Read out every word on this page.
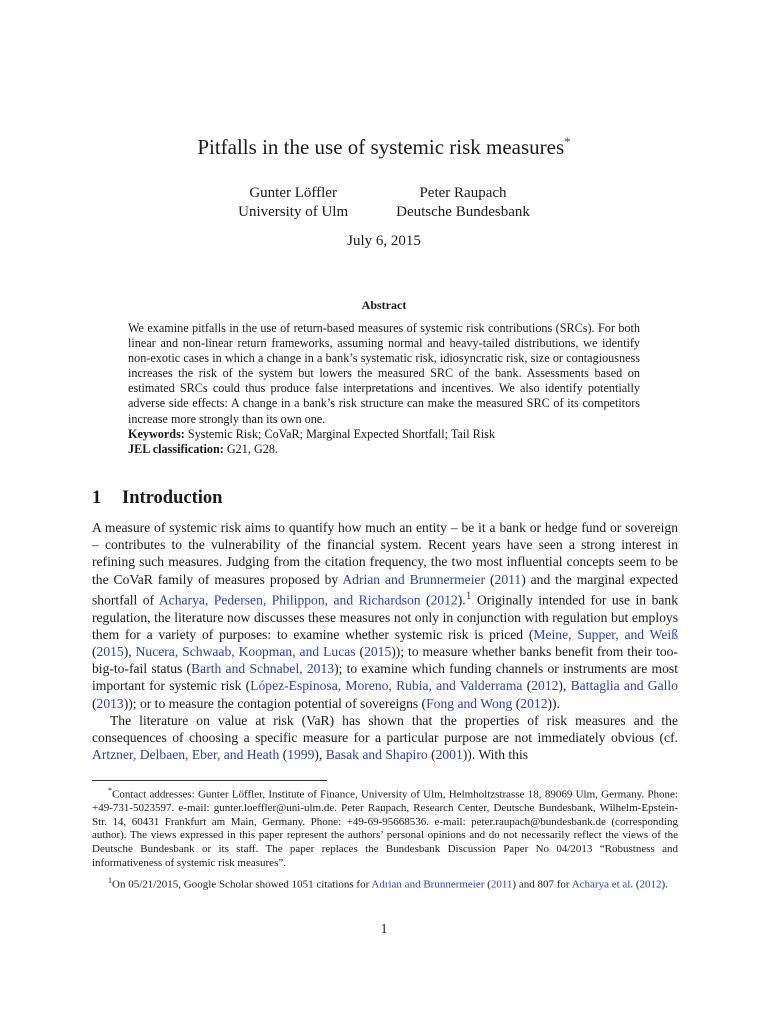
Pitfalls in the use of systemic risk measures*
Gunter Löffler
University of Ulm
Peter Raupach
Deutsche Bundesbank
July 6, 2015
Abstract

We examine pitfalls in the use of return-based measures of systemic risk contributions (SRCs). For both linear and non-linear return frameworks, assuming normal and heavy-tailed distributions, we identify non-exotic cases in which a change in a bank’s systematic risk, idiosyncratic risk, size or contagiousness increases the risk of the system but lowers the measured SRC of the bank. Assessments based on estimated SRCs could thus produce false interpretations and incentives. We also identify potentially adverse side effects: A change in a bank’s risk structure can make the measured SRC of its competitors increase more strongly than its own one.

Keywords: Systemic Risk; CoVaR; Marginal Expected Shortfall; Tail Risk

JEL classification: G21, G28.

1 Introduction

A measure of systemic risk aims to quantify how much an entity – be it a bank or hedge fund or sovereign – contributes to the vulnerability of the financial system. Recent years have seen a strong interest in refining such measures. Judging from the citation frequency, the two most influential concepts seem to be the CoVaR family of measures proposed by Adrian and Brunnermeier (2011) and the marginal expected shortfall of Acharya, Pedersen, Philippon, and Richardson (2012).$^1$ Originally intended for use in bank regulation, the literature now discusses these measures not only in conjunction with regulation but employs them for a variety of purposes: to examine whether systemic risk is priced (Meine, Supper, and Weiß (2015), Nucera, Schwaab, Koopman, and Lucas (2015)); to measure whether banks benefit from their too-big-to-fail status (Barth and Schnabel, 2013); to examine which funding channels or instruments are most important for systemic risk (López-Espinosa, Moreno, Rubia, and Valderrama (2012), Battaglia and Gallo (2013)); or to measure the contagion potential of sovereigns (Fong and Wong (2012)).

The literature on value at risk (VaR) has shown that the properties of risk measures and the consequences of choosing a specific measure for a particular purpose are not immediately obvious (cf. Artzner, Delbaen, Eber, and Heath (1999), Basak and Shapiro (2001)). With this

*Contact addresses: Gunter Löffler, Institute of Finance, University of Ulm, Helmholtzstrasse 18, 89069 Ulm, Germany. Phone: +49-731-5023597. e-mail: gunter.loeffler@uni-ulm.de. Peter Raupach, Research Center, Deutsche Bundesbank, Wilhelm-Epstein-Str. 14, 60431 Frankfurt am Main, Germany. Phone: +49-69-95668536. e-mail: peter.raupach@bundesbank.de (corresponding author). The views expressed in this paper represent the authors’ personal opinions and do not necessarily reflect the views of the Deutsche Bundesbank or its staff. The paper replaces the Bundesbank Discussion Paper No 04/2013 “Robustness and informativeness of systemic risk measures”.

$^1$On 05/21/2015, Google Scholar showed 1051 citations for Adrian and Brunnermeier (2011) and 807 for Acharya et al. (2012).

1
